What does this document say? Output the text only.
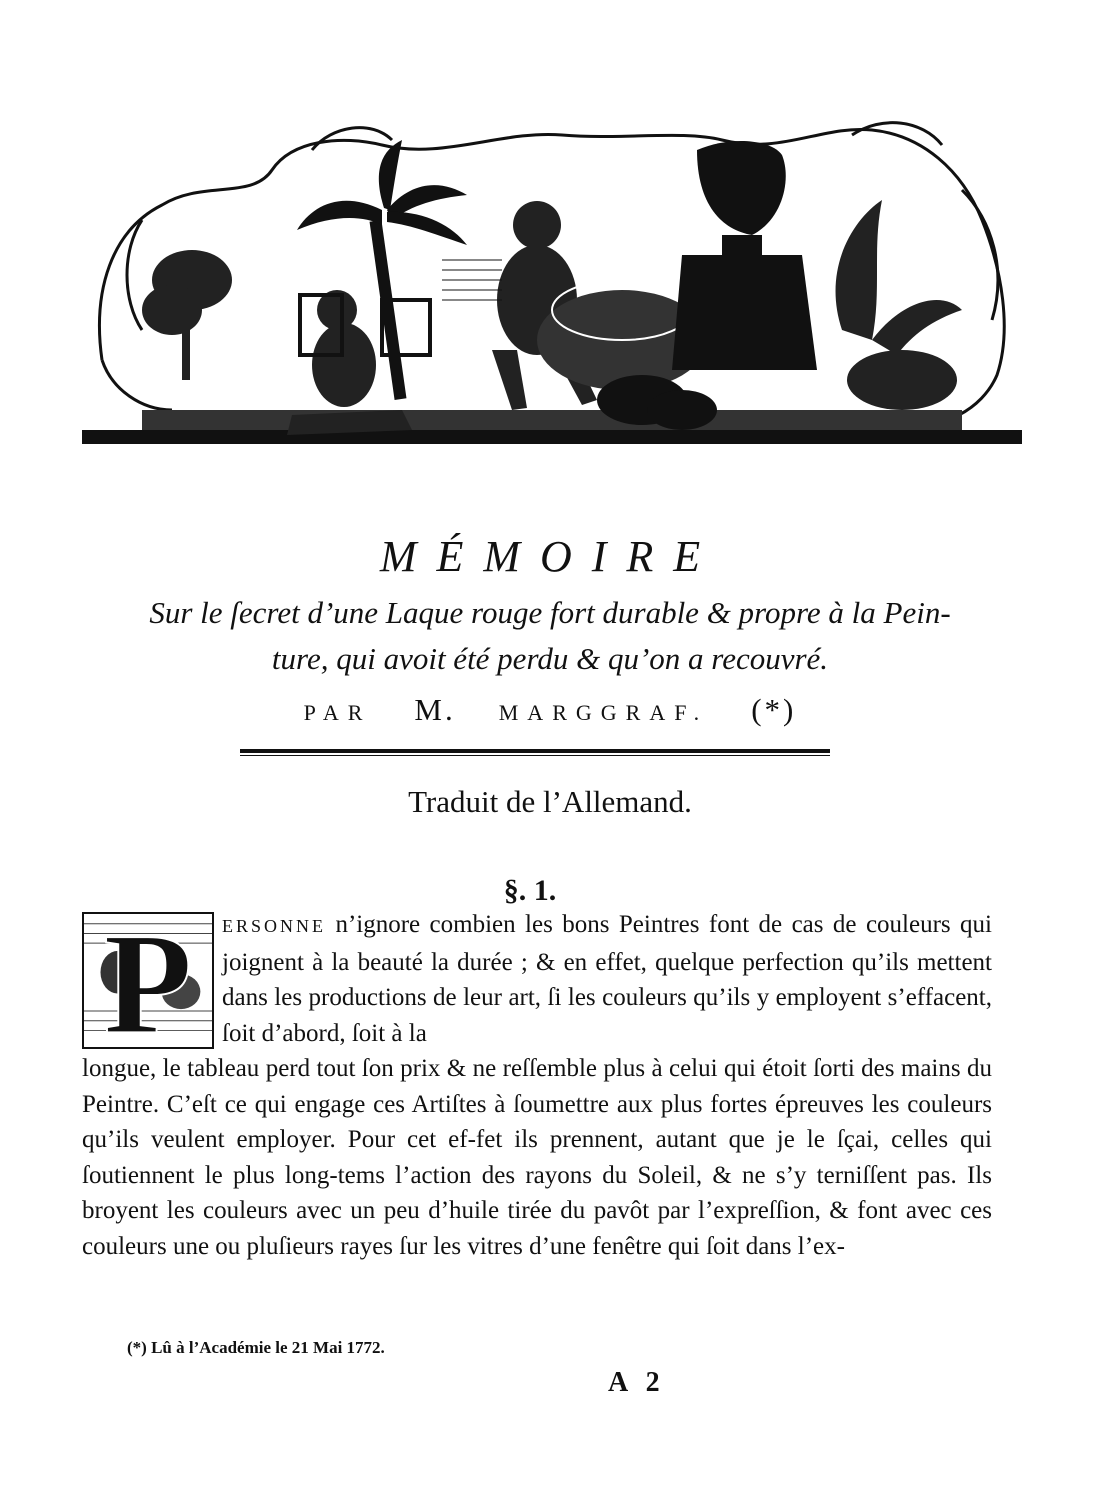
MÉMOIRE
Sur le ſecret d’une Laque rouge fort durable & propre à la Pein-
ture, qui avoit été perdu & qu’on a recouvré.
PAR M. MARGGRAF. (*)
Traduit de l’Allemand.
§. 1.
P	ERSONNE n’ignore combien les bons Peintres font de cas de couleurs qui joignent à la beauté la durée ; & en effet, quelque perfection qu’ils mettent dans les productions de leur art, ſi les couleurs qu’ils y employent s’effacent, ſoit d’abord, ſoit à la
longue, le tableau perd tout ſon prix & ne reſſemble plus à celui qui étoit ſorti des mains du Peintre. C’eſt ce qui engage ces Artiſtes à ſoumettre aux plus fortes épreuves les couleurs qu’ils veulent employer. Pour cet ef-fet ils prennent, autant que je le ſçai, celles qui ſoutiennent le plus long-tems l’action des rayons du Soleil, & ne s’y terniſſent pas. Ils broyent les couleurs avec un peu d’huile tirée du pavôt par l’expreſſion, & font avec ces couleurs une ou pluſieurs rayes ſur les vitres d’une fenêtre qui ſoit dans l’ex-

(*) Lû à l’Académie le 21 Mai 1772.
A 2
